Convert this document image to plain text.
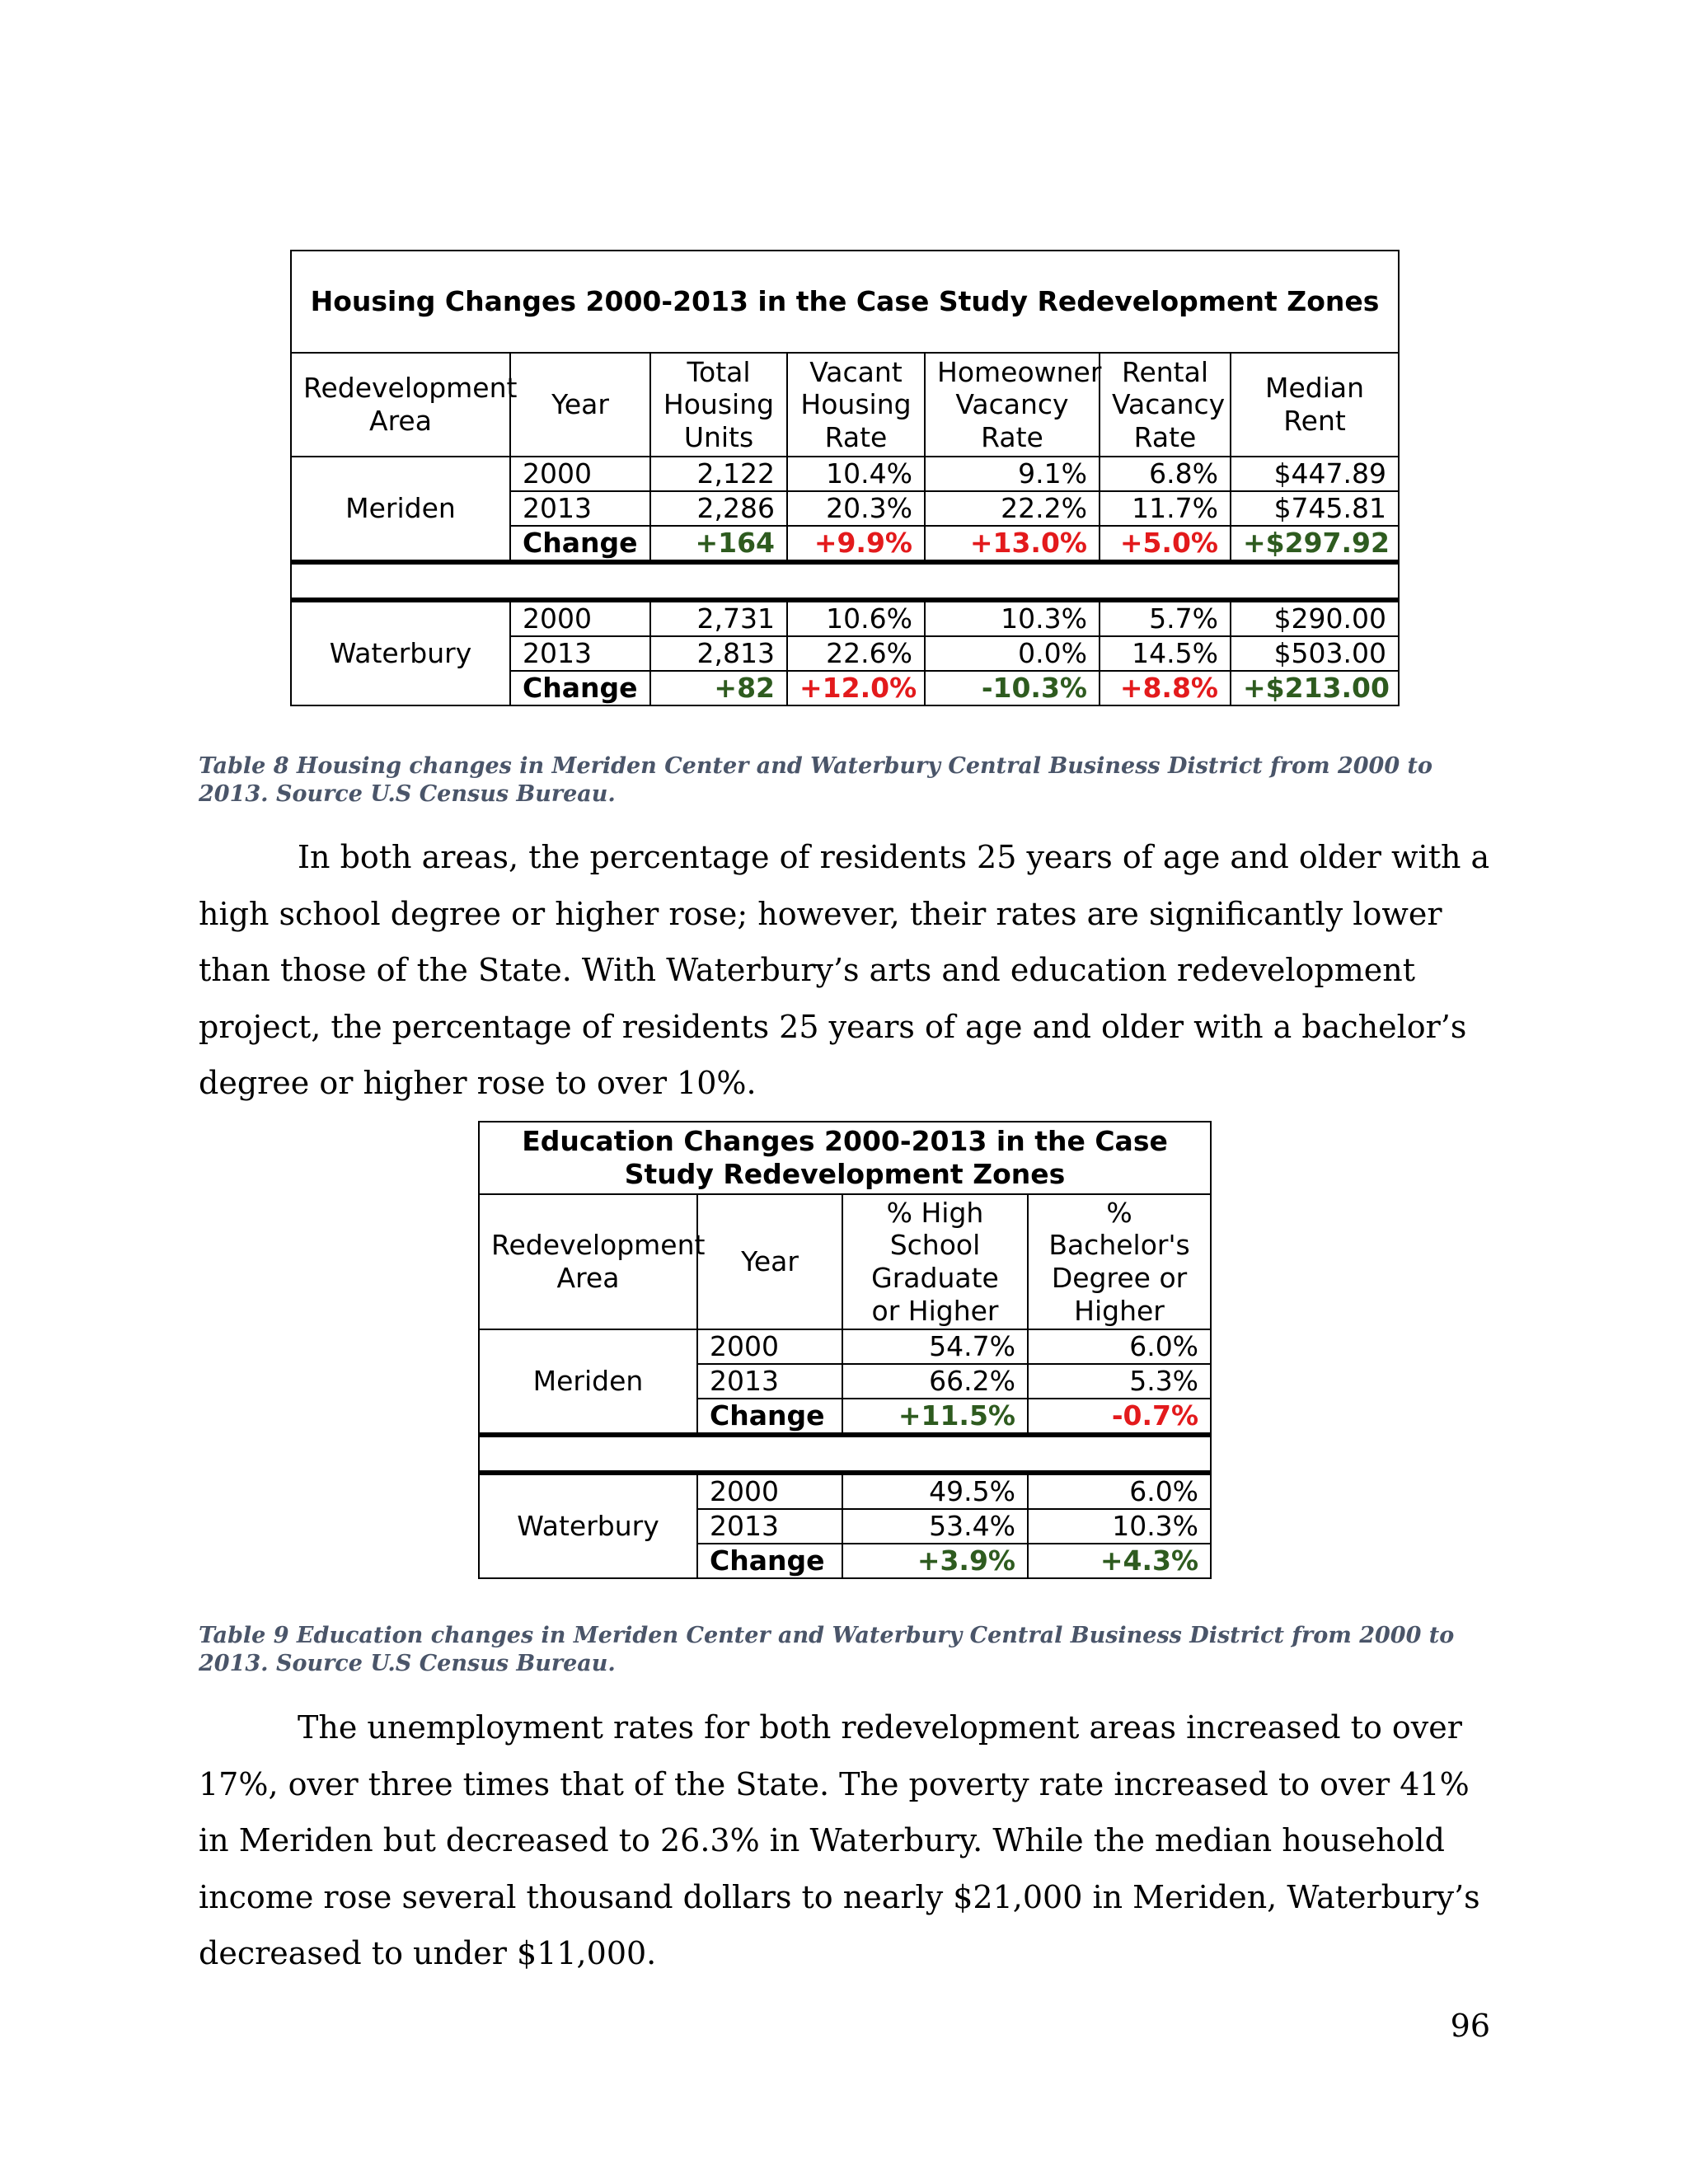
Housing Changes 2000-2013 in the Case Study Redevelopment Zones						
Redevelopment Area	Year	Total Housing Units	Vacant Housing Rate	Homeowner Vacancy Rate	Rental Vacancy Rate	Median Rent
Meriden	2000	2,122	10.4%	9.1%	6.8%	$447.89
	2013	2,286	20.3%	22.2%	11.7%	$745.81
	Change	+164	+9.9%	+13.0%	+5.0%	+$297.92

Waterbury	2000	2,731	10.6%	10.3%	5.7%	$290.00
	2013	2,813	22.6%	0.0%	14.5%	$503.00
	Change	+82	+12.0%	-10.3%	+8.8%	+$213.00
Table 8 Housing changes in Meriden Center and Waterbury Central Business District from 2000 to 2013. Source U.S Census Bureau.

In both areas, the percentage of residents 25 years of age and older with a high school degree or higher rose; however, their rates are significantly lower than those of the State. With Waterbury’s arts and education redevelopment project, the percentage of residents 25 years of age and older with a bachelor’s degree or higher rose to over 10%.

Education Changes 2000-2013 in the Case Study Redevelopment Zones			
Redevelopment Area	Year	% High School Graduate or Higher	% Bachelor's Degree or Higher
Meriden	2000	54.7%	6.0%
	2013	66.2%	5.3%
	Change	+11.5%	-0.7%

Waterbury	2000	49.5%	6.0%
	2013	53.4%	10.3%
	Change	+3.9%	+4.3%
Table 9 Education changes in Meriden Center and Waterbury Central Business District from 2000 to 2013. Source U.S Census Bureau.

The unemployment rates for both redevelopment areas increased to over 17%, over three times that of the State. The poverty rate increased to over 41% in Meriden but decreased to 26.3% in Waterbury. While the median household income rose several thousand dollars to nearly $21,000 in Meriden, Waterbury’s decreased to under $11,000.

96
